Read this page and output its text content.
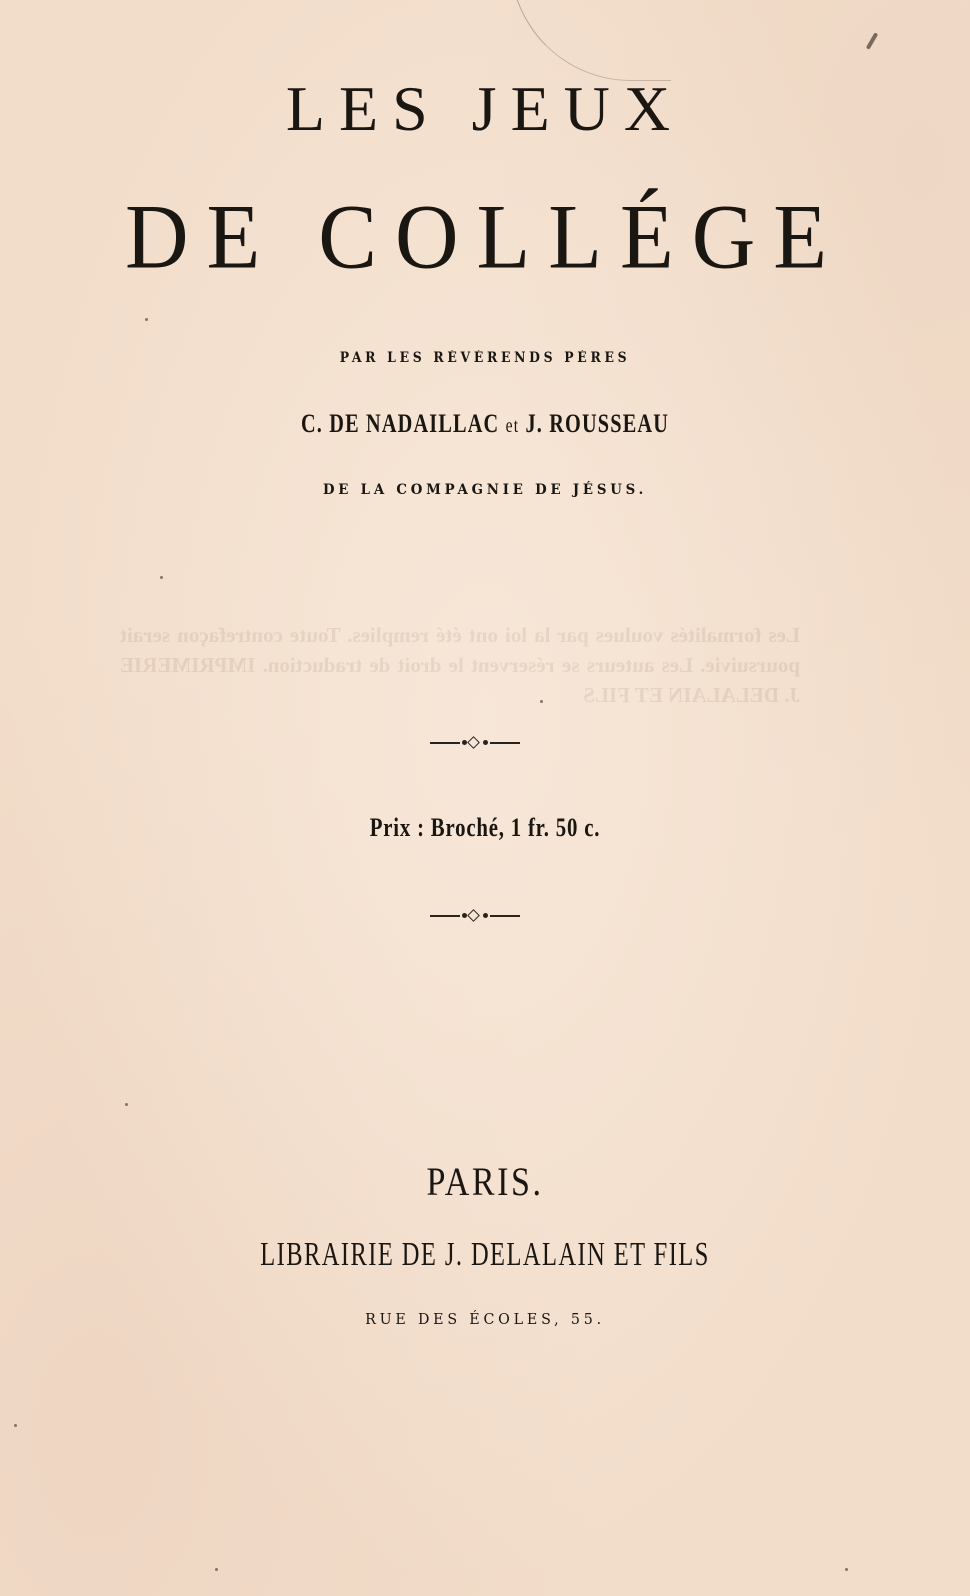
LES JEUX
DE COLLÉGE
PAR LES RÉVÉRENDS PÈRES
C. DE NADAILLAC et J. ROUSSEAU
DE LA COMPAGNIE DE JÉSUS.
Les formalités voulues par la loi ont été remplies. Toute contrefaçon serait poursuivie. Les auteurs se réservent le droit de traduction. IMPRIMERIE J. DELALAIN ET FILS
Prix : Broché, 1 fr. 50 c.
PARIS.
LIBRAIRIE DE J. DELALAIN ET FILS
RUE DES ÉCOLES, 55.
